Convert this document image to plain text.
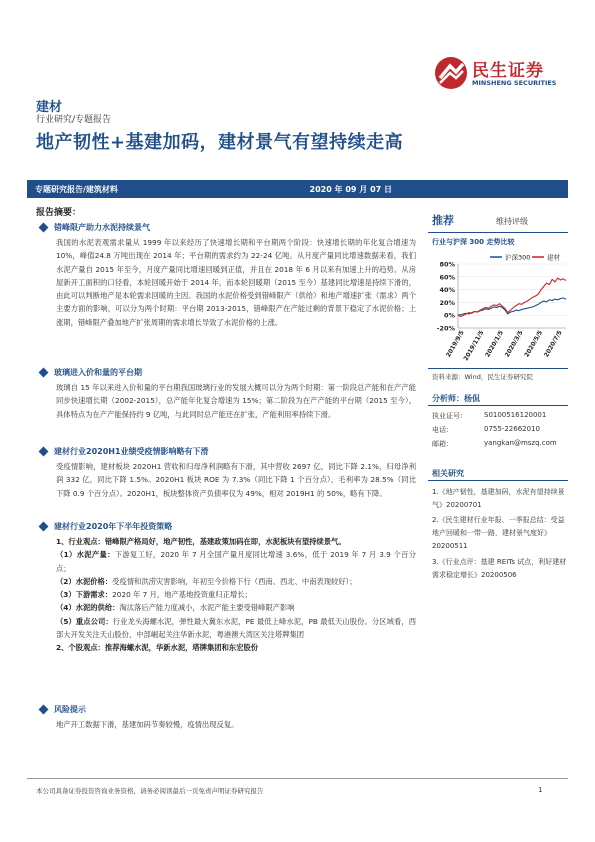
民生证券
MINSHENG SECURITIES
建材
行业研究/专题报告
地产韧性+基建加码，建材景气有望持续走高
专题研究报告/建筑材料	2020 年 09 月 07 日
报告摘要：
错峰限产助力水泥持续景气
我国的水泥表观需求量从 1999 年以来经历了快速增长期和平台期两个阶段：快速增长期的年化复合增速为10%，峰值24.8 万吨出现在 2014 年；平台期的需求约为 22-24 亿吨。从月度产量同比增速数据来看，我们水泥产量自 2015 年至今，月度产量同比增速回暖到正值，并且在 2018 年 6 月以来有加速上升的趋势。从房屋新开工面积的口径看，本轮回暖开始于 2014 年，而本轮回暖期（2015 至今）基建同比增速是持续下滑的，由此可以判断地产是本轮需求回暖的主因。我国的水泥价格受到错峰限产（供给）和地产增速扩张（需求）两个主要方面的影响，可以分为两个时期：平台期 2013-2015，错峰限产在产能过剩的背景下稳定了水泥价格；上涨期，错峰限产叠加地产扩张周期的需求增长导致了水泥价格的上涨。
玻璃进入价和量的平台期
玻璃自 15 年以来进入价和量的平台期我国玻璃行业的发展大概可以分为两个时期：第一阶段总产能和在产产能同步快速增长期（2002-2015），总产能年化复合增速为 15%；第二阶段为在产产能的平台期（2015 至今），具体特点为在产产能保持约 9 亿吨，与此同时总产能还在扩张，产能利用率持续下滑。
建材行业2020H1业绩受疫情影响略有下滑
受疫情影响，建材板块 2020H1 营收和归母净利润略有下滑，其中营收 2697 亿，同比下降 2.1%，归母净利润 332 亿，同比下降 1.5%。2020H1 板块 ROE 为 7.3%（同比下降 1 个百分点），毛利率为 28.5%（同比下降 0.9 个百分点）。2020H1，板块整体资产负债率仅为 49%，相对 2019H1 的 50%，略有下降。
建材行业2020年下半年投资策略
1、行业观点：错峰限产格局好，地产韧性，基建政策加码在即，水泥板块有望持续景气。
（1）水泥产量：下游复工好，2020 年 7 月全国产量月度同比增速 3.6%，低于 2019 年 7 月 3.9 个百分点；
（2）水泥价格：受疫情和洪涝灾害影响，年初至今价格下行（西南、西北、中南表现较好）；
（3）下游需求：2020 年 7 月，地产基地投资重归正增长；
（4）水泥的供给：淘汰落后产能力度减小，水泥产能主要受错峰限产影响
（5）重点公司：行业龙头海螺水泥，弹性最大冀东水泥，PE 最低上峰水泥，PB 最低天山股份。分区域看，西部大开发关注天山股份，中部崛起关注华新水泥，粤港澳大湾区关注塔牌集团
2、个股观点：推荐海螺水泥，华新水泥，塔牌集团和东宏股份
风险提示
地产开工数据下滑，基建加码节奏较慢，疫情出现反复。
推荐	维持评级
行业与沪深 300 走势比较
80%
60%
40%
20%
0%
-20%
2019/9/5
2019/11/5
2020/1/5
2020/3/5
2020/5/5
2020/7/5
沪深300	建材
资料来源：Wind，民生证券研究院
分析师：杨侃
执业证号： S0100516120001
电话：	0755-22662010
邮箱：	yangkan@mszq.com
相关研究
1.《地产韧性，基建加码，水泥有望持续景气》20200701
2.《民生建材行业年报、一季报总结：受益地产回暖和一带一路，建材景气度好》20200511
3.《行业点评：基建 REITs 试点，利好建材需求稳定增长》20200506
本公司具备证券投资咨询业务资格，请务必阅读最后一页免责声明证券研究报告	1
